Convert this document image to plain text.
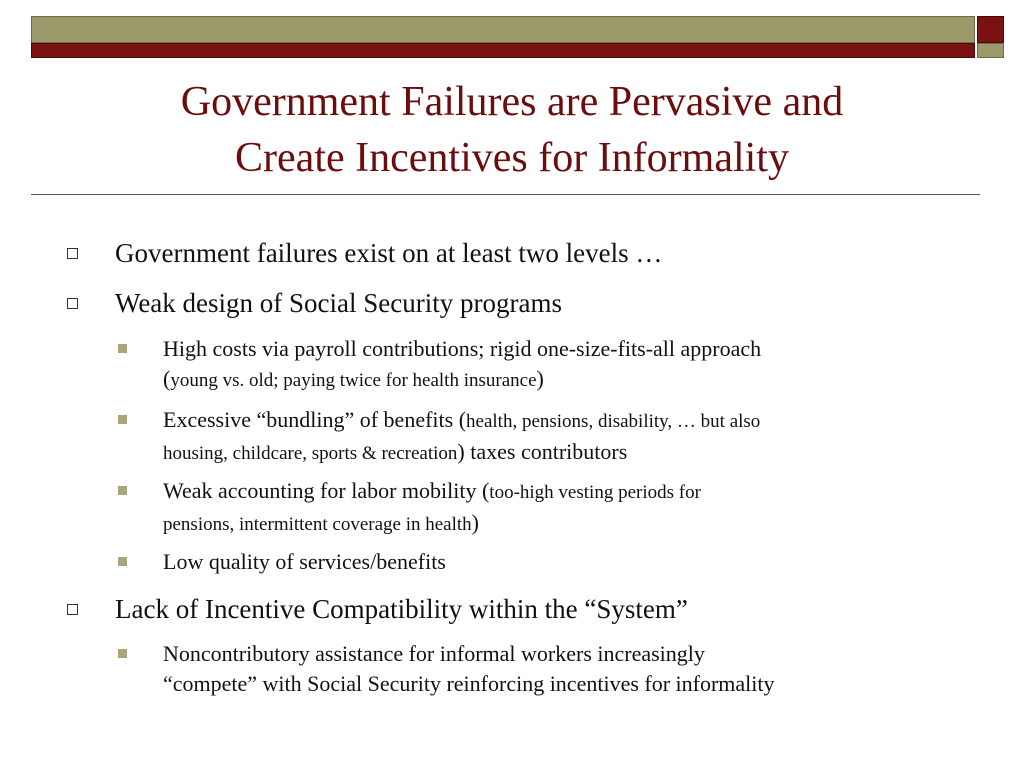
Government Failures are Pervasive and
Create Incentives for Informality
Government failures exist on at least two levels …
Weak design of Social Security programs
High costs via payroll contributions; rigid one-size-fits-all approach
(young vs. old; paying twice for health insurance)
Excessive “bundling” of benefits (health, pensions, disability, … but also
housing, childcare, sports & recreation) taxes contributors
Weak accounting for labor mobility (too-high vesting periods for
pensions, intermittent coverage in health)
Low quality of services/benefits
Lack of Incentive Compatibility within the “System”
Noncontributory assistance for informal workers increasingly
“compete” with Social Security reinforcing incentives for informality
